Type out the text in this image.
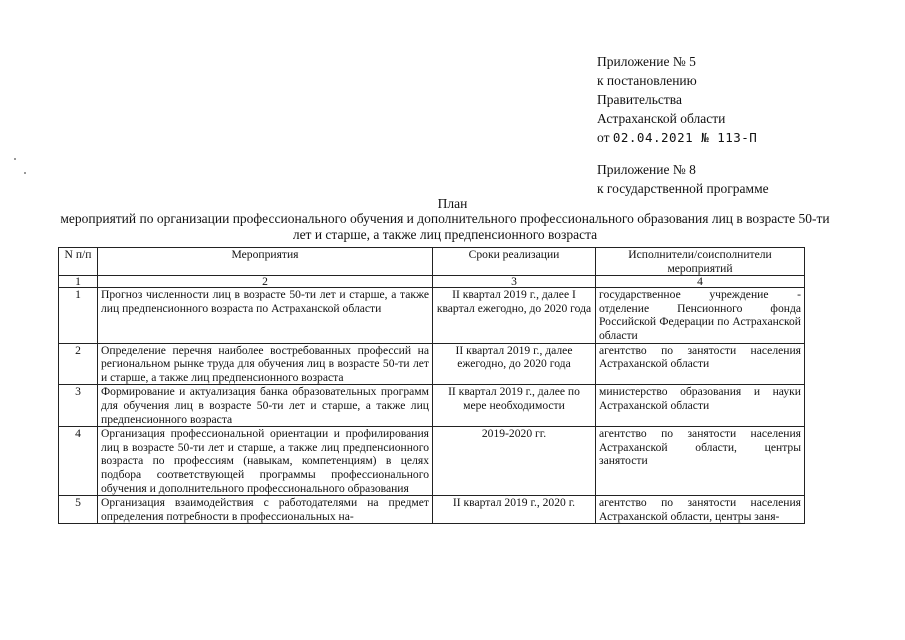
Приложение № 5
к постановлению
Правительства
Астраханской области
от 02.04.2021 № 113-П
Приложение № 8
к государственной программе
План
мероприятий по организации профессионального обучения и дополнительного профессионального образования лиц в возрасте 50-ти лет и старше, а также лиц предпенсионного возраста
N п/п	Мероприятия	Сроки реализации	Исполнители/соисполнители мероприятий
1	2	3	4
1	Прогноз численности лиц в возрасте 50-ти лет и старше, а также лиц предпенсионного возраста по Астраханской области	II квартал 2019 г., далее I квартал ежегодно, до 2020 года	государственное учреждение - отделение Пенсионного фонда Российской Федерации по Астраханской области
2	Определение перечня наиболее востребованных профессий на региональном рынке труда для обучения лиц в возрасте 50-ти лет и старше, а также лиц предпенсионного возраста	II квартал 2019 г., далее ежегодно, до 2020 года	агентство по занятости населения Астраханской области
3	Формирование и актуализация банка образовательных программ для обучения лиц в возрасте 50-ти лет и старше, а также лиц предпенсионного возраста	II квартал 2019 г., далее по мере необходимости	министерство образования и науки Астраханской области
4	Организация профессиональной ориентации и профилирования лиц в возрасте 50-ти лет и старше, а также лиц предпенсионного возраста по профессиям (навыкам, компетенциям) в целях подбора соответствующей программы профессионального обучения и дополнительного профессионального образования	2019-2020 гг.	агентство по занятости населения Астраханской области, центры занятости
5	Организация взаимодействия с работодателями на предмет определения потребности в профессиональных на-	II квартал 2019 г., 2020 г.	агентство по занятости населения Астраханской области, центры заня-
